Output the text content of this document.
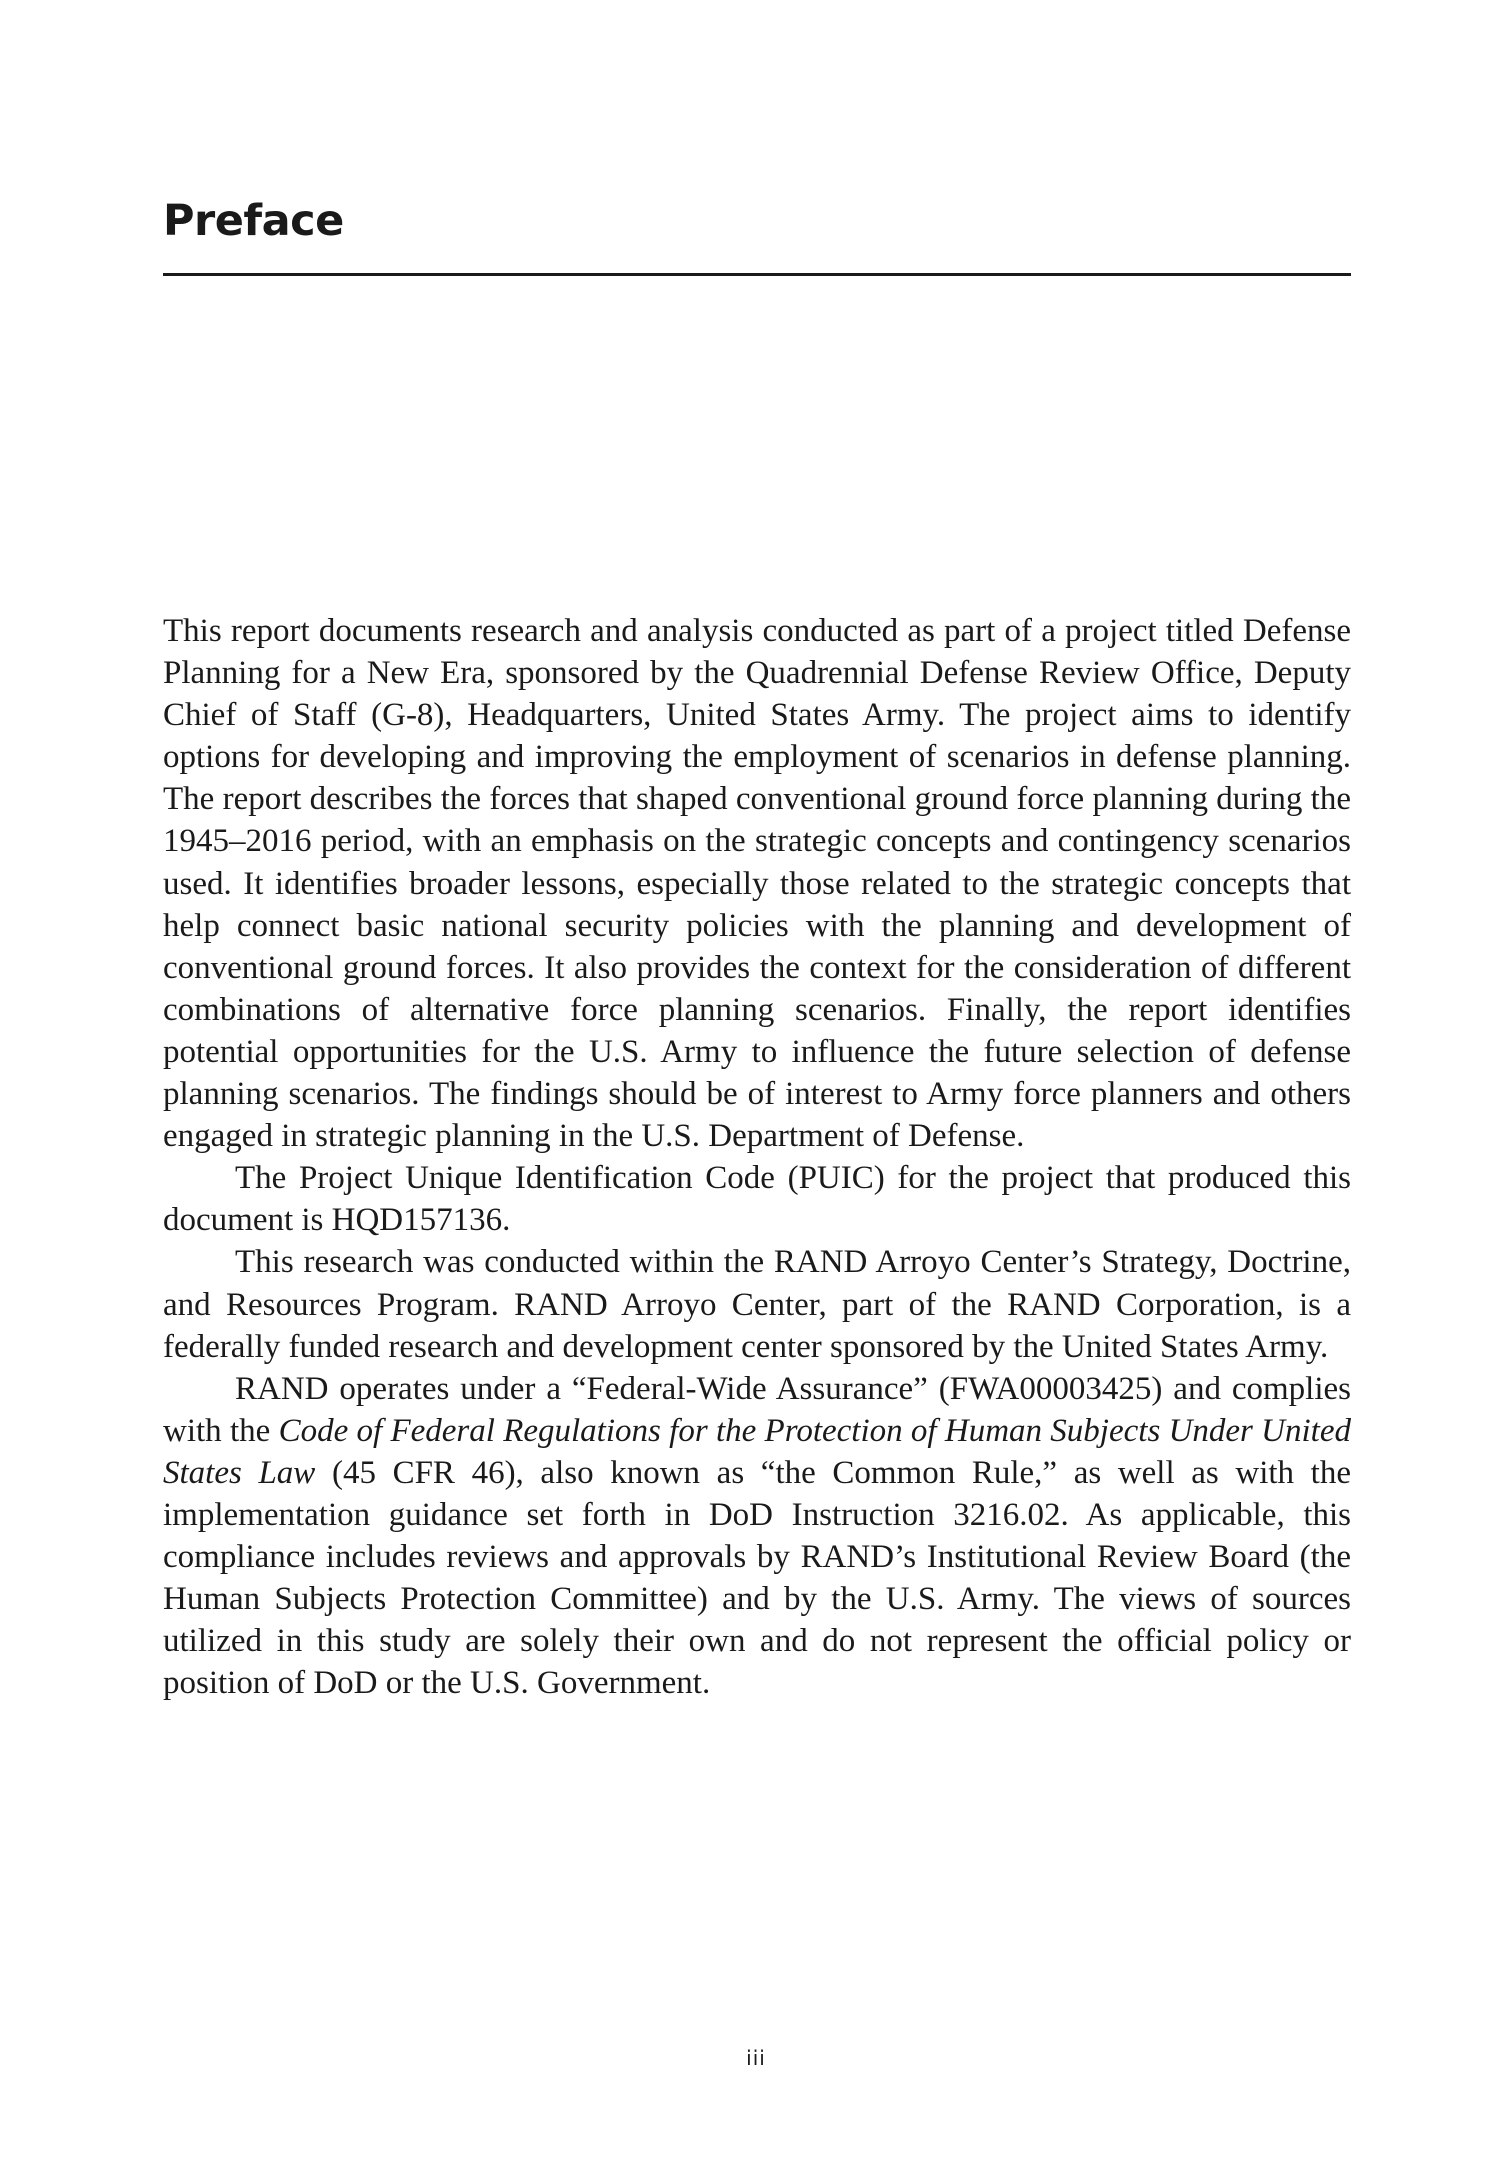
Preface

This report documents research and analysis conducted as part of a project titled Defense Planning for a New Era, sponsored by the Quadrennial Defense Review Office, Deputy Chief of Staff (G-8), Headquarters, United States Army. The project aims to identify options for developing and improving the employment of scenarios in defense planning. The report describes the forces that shaped conventional ground force planning during the 1945–2016 period, with an emphasis on the strategic concepts and contingency scenarios used. It identifies broader lessons, especially those related to the strategic concepts that help connect basic national security policies with the planning and development of conventional ground forces. It also provides the context for the consideration of different combinations of alternative force planning scenarios. Finally, the report identifies potential opportunities for the U.S. Army to influence the future selection of defense planning scenarios. The findings should be of interest to Army force planners and others engaged in strategic planning in the U.S. Department of Defense.

The Project Unique Identification Code (PUIC) for the project that produced this document is HQD157136.

This research was conducted within the RAND Arroyo Center’s Strategy, Doctrine, and Resources Program. RAND Arroyo Center, part of the RAND Corporation, is a federally funded research and development center sponsored by the United States Army.

RAND operates under a “Federal-Wide Assurance” (FWA00003425) and complies with the Code of Federal Regulations for the Protection of Human Subjects Under United States Law (45 CFR 46), also known as “the Common Rule,” as well as with the implementation guidance set forth in DoD Instruction 3216.02. As applicable, this compliance includes reviews and approvals by RAND’s Institutional Review Board (the Human Subjects Protection Committee) and by the U.S. Army. The views of sources utilized in this study are solely their own and do not represent the official policy or position of DoD or the U.S. Government.

iii
